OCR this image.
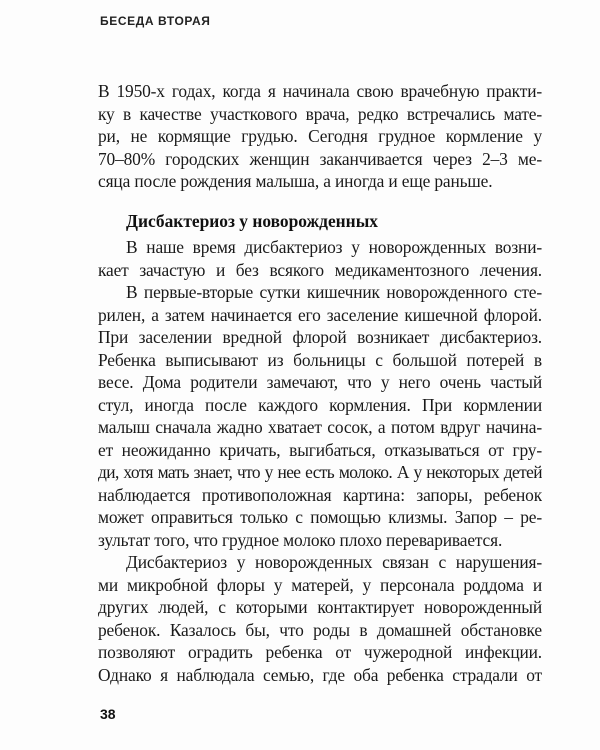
БЕСЕДА ВТОРАЯ
В 1950-х годах, когда я начинала свою врачебную практи-
ку в качестве участкового врача, редко встречались мате-
ри, не кормящие грудью. Сегодня грудное кормление у
70–80% городских женщин заканчивается через 2–3 ме-
сяца после рождения малыша, а иногда и еще раньше.
Дисбактериоз у новорожденных
В наше время дисбактериоз у новорожденных возни-
кает зачастую и без всякого медикаментозного лечения.
В первые-вторые сутки кишечник новорожденного сте-
рилен, а затем начинается его заселение кишечной флорой.
При заселении вредной флорой возникает дисбактериоз.
Ребенка выписывают из больницы с большой потерей в
весе. Дома родители замечают, что у него очень частый
стул, иногда после каждого кормления. При кормлении
малыш сначала жадно хватает сосок, а потом вдруг начина-
ет неожиданно кричать, выгибаться, отказываться от гру-
ди, хотя мать знает, что у нее есть молоко. А у некоторых детей
наблюдается противоположная картина: запоры, ребенок
может оправиться только с помощью клизмы. Запор – ре-
зультат того, что грудное молоко плохо переваривается.
Дисбактериоз у новорожденных связан с нарушения-
ми микробной флоры у матерей, у персонала роддома и
других людей, с которыми контактирует новорожденный
ребенок. Казалось бы, что роды в домашней обстановке
позволяют оградить ребенка от чужеродной инфекции.
Однако я наблюдала семью, где оба ребенка страдали от
38
